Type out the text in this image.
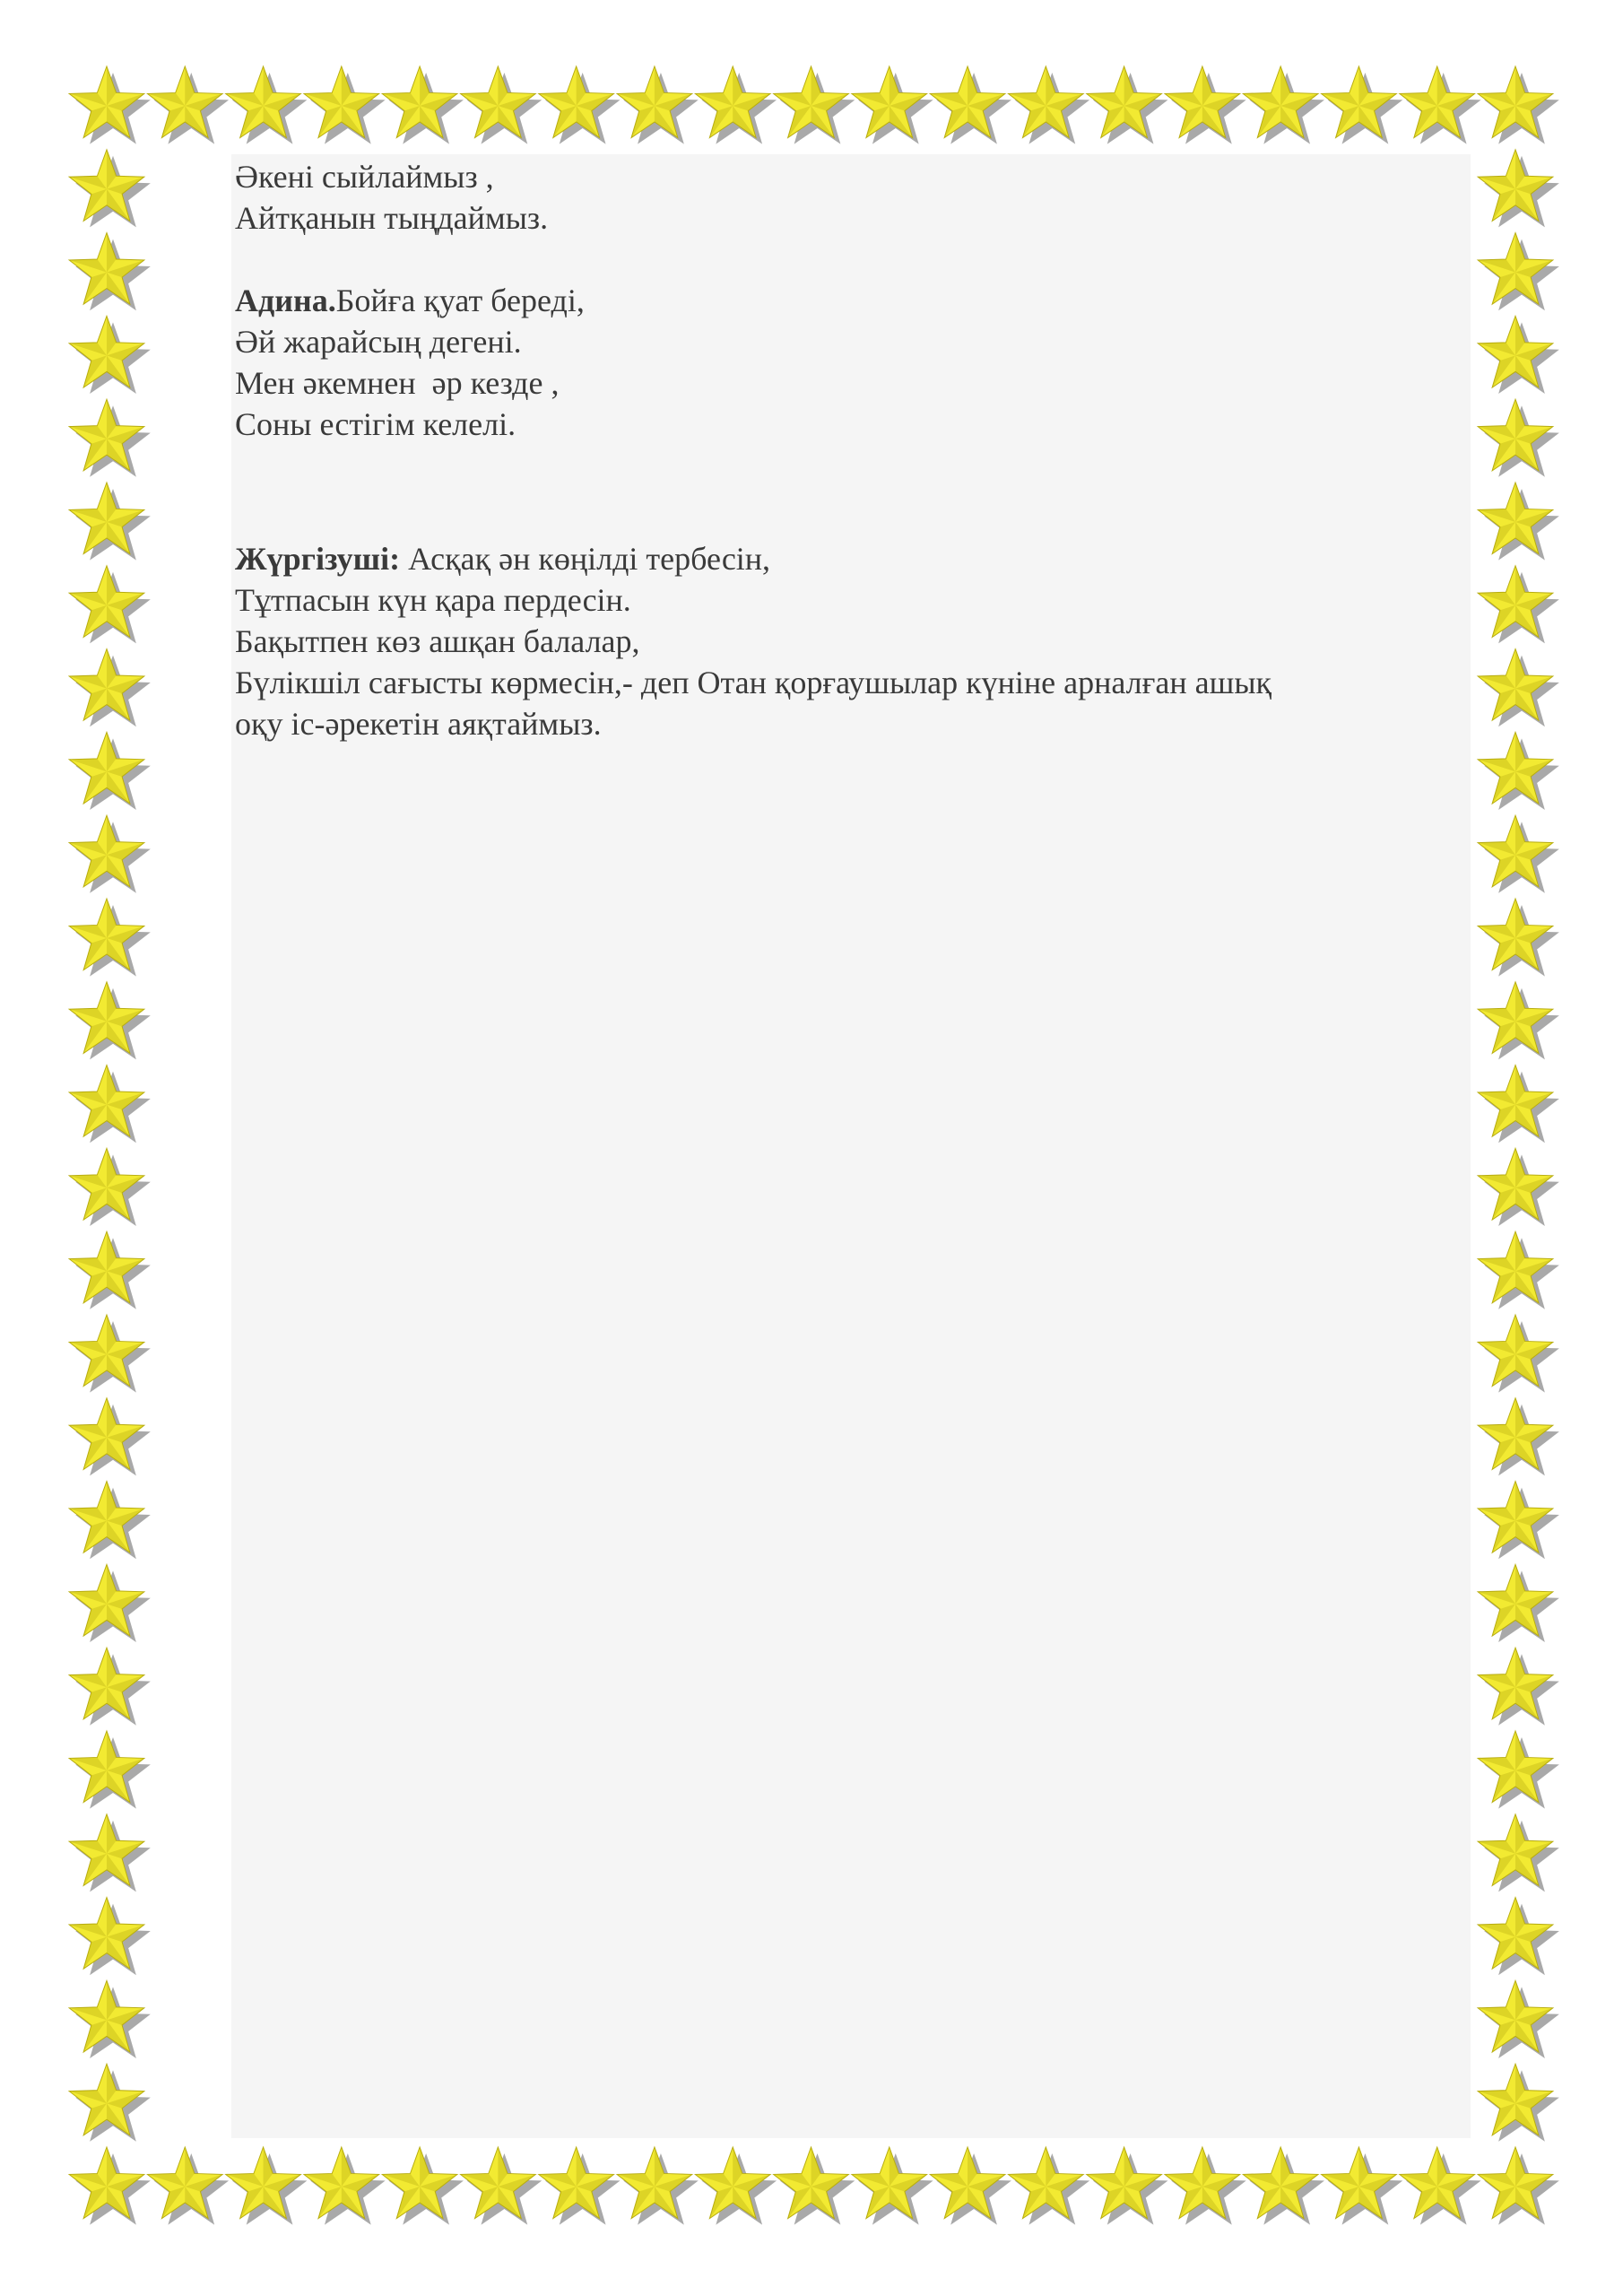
Әкені сыйлаймыз ,
Айтқанын тыңдаймыз.
Адина.Бойға қуат береді,
Әй жарайсың дегені.
Мен әкемнен  әр кезде ,
Соны естігім келелі.
Жүргізуші: Асқақ ән көңілді тербесін,
Тұтпасын күн қара пердесін.
Бақытпен көз ашқан балалар,
Бүлікшіл сағысты көрмесін,- деп Отан қорғаушылар күніне арналған ашық
оқу іс-әрекетін аяқтаймыз.
